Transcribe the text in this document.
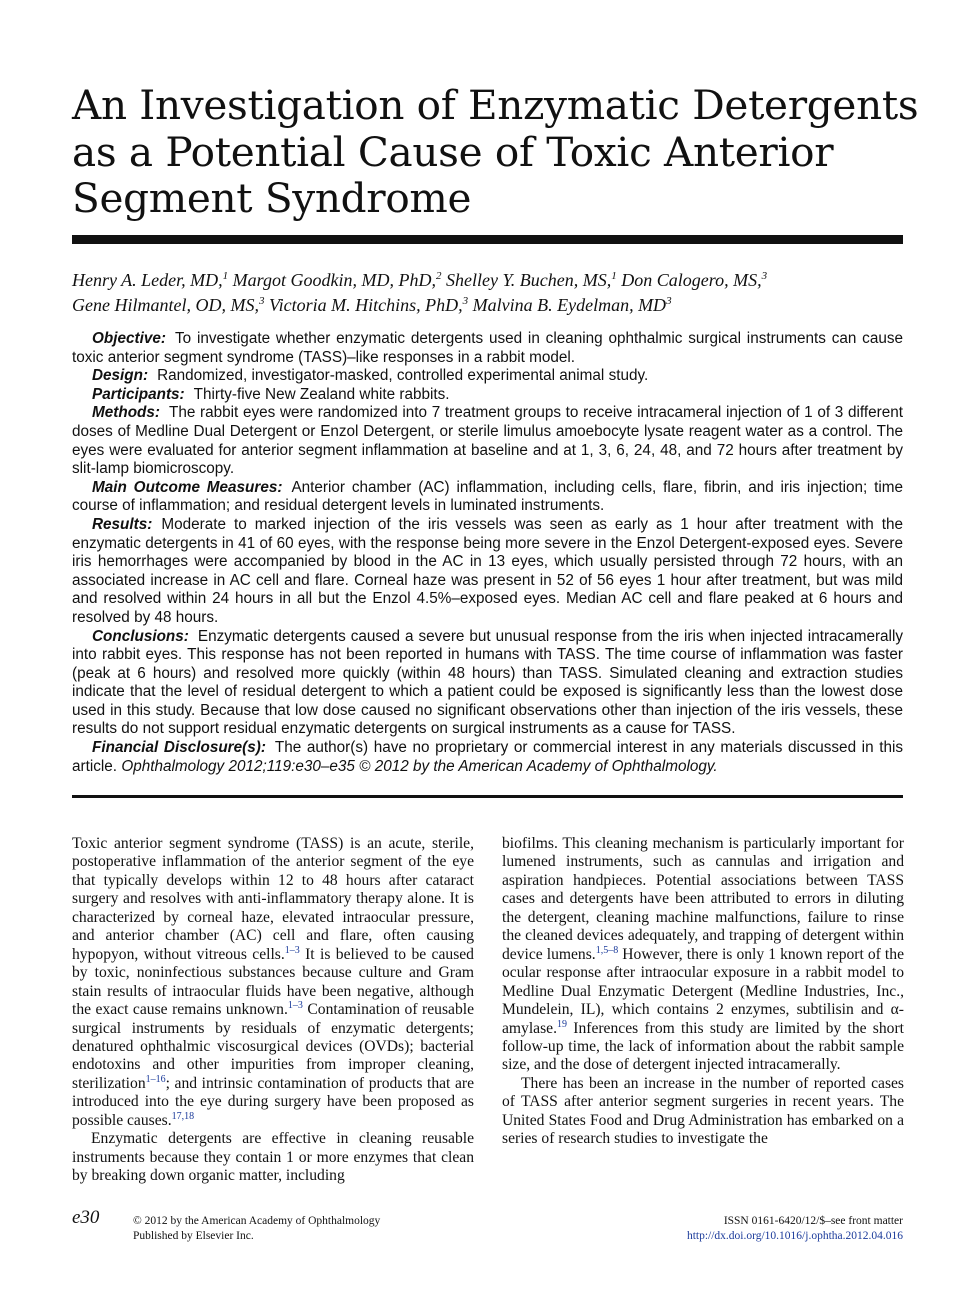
An Investigation of Enzymatic Detergents as a Potential Cause of Toxic Anterior Segment Syndrome
Henry A. Leder, MD,$^1$ Margot Goodkin, MD, PhD,$^2$ Shelley Y. Buchen, MS,$^1$ Don Calogero, MS,$^3$
Gene Hilmantel, OD, MS,$^3$ Victoria M. Hitchins, PhD,$^3$ Malvina B. Eydelman, $MD^3$

Objective: To investigate whether enzymatic detergents used in cleaning ophthalmic surgical instruments can cause toxic anterior segment syndrome (TASS)–like responses in a rabbit model.

Design: Randomized, investigator-masked, controlled experimental animal study.

Participants: Thirty-five New Zealand white rabbits.

Methods: The rabbit eyes were randomized into 7 treatment groups to receive intracameral injection of 1 of 3 different doses of Medline Dual Detergent or Enzol Detergent, or sterile limulus amoebocyte lysate reagent water as a control. The eyes were evaluated for anterior segment inflammation at baseline and at 1, 3, 6, 24, 48, and 72 hours after treatment by slit-lamp biomicroscopy.

Main Outcome Measures: Anterior chamber (AC) inflammation, including cells, flare, fibrin, and iris injection; time course of inflammation; and residual detergent levels in luminated instruments.

Results: Moderate to marked injection of the iris vessels was seen as early as 1 hour after treatment with the enzymatic detergents in 41 of 60 eyes, with the response being more severe in the Enzol Detergent-exposed eyes. Severe iris hemorrhages were accompanied by blood in the AC in 13 eyes, which usually persisted through 72 hours, with an associated increase in AC cell and flare. Corneal haze was present in 52 of 56 eyes 1 hour after treatment, but was mild and resolved within 24 hours in all but the Enzol 4.5%–exposed eyes. Median AC cell and flare peaked at 6 hours and resolved by 48 hours.

Conclusions: Enzymatic detergents caused a severe but unusual response from the iris when injected intracamerally into rabbit eyes. This response has not been reported in humans with TASS. The time course of inflammation was faster (peak at 6 hours) and resolved more quickly (within 48 hours) than TASS. Simulated cleaning and extraction studies indicate that the level of residual detergent to which a patient could be exposed is significantly less than the lowest dose used in this study. Because that low dose caused no significant observations other than injection of the iris vessels, these results do not support residual enzymatic detergents on surgical instruments as a cause for TASS.

Financial Disclosure(s): The author(s) have no proprietary or commercial interest in any materials discussed in this article. Ophthalmology 2012;119:e30–e35 © 2012 by the American Academy of Ophthalmology.

Toxic anterior segment syndrome (TASS) is an acute, sterile, postoperative inflammation of the anterior segment of the eye that typically develops within 12 to 48 hours after cataract surgery and resolves with anti-inflammatory therapy alone. It is characterized by corneal haze, elevated intraocular pressure, and anterior chamber (AC) cell and flare, often causing hypopyon, without vitreous cells.$^{1-3}$ It is believed to be caused by toxic, noninfectious substances because culture and Gram stain results of intraocular fluids have been negative, although the exact cause remains unknown.$^{1-3}$ Contamination of reusable surgical instruments by residuals of enzymatic detergents; denatured ophthalmic viscosurgical devices (OVDs); bacterial endotoxins and other impurities from improper cleaning, sterilization$^{1-16}$; and intrinsic contamination of products that are introduced into the eye during surgery have been proposed as possible causes.$^{17,18}$

Enzymatic detergents are effective in cleaning reusable instruments because they contain 1 or more enzymes that clean by breaking down organic matter, including

biofilms. This cleaning mechanism is particularly important for lumened instruments, such as cannulas and irrigation and aspiration handpieces. Potential associations between TASS cases and detergents have been attributed to errors in diluting the detergent, cleaning machine malfunctions, failure to rinse the cleaned devices adequately, and trapping of detergent within device lumens.$^{1,5-8}$ However, there is only 1 known report of the ocular response after intraocular exposure in a rabbit model to Medline Dual Enzymatic Detergent (Medline Industries, Inc., Mundelein, IL), which contains 2 enzymes, subtilisin and α-amylase.$^{19}$ Inferences from this study are limited by the short follow-up time, the lack of information about the rabbit sample size, and the dose of detergent injected intracamerally.

There has been an increase in the number of reported cases of TASS after anterior segment surgeries in recent years. The United States Food and Drug Administration has embarked on a series of research studies to investigate the

e30	© 2012 by the American Academy of Ophthalmology
Published by Elsevier Inc.
ISSN 0161-6420/12/$–see front matter
http://dx.doi.org/10.1016/j.ophtha.2012.04.016
